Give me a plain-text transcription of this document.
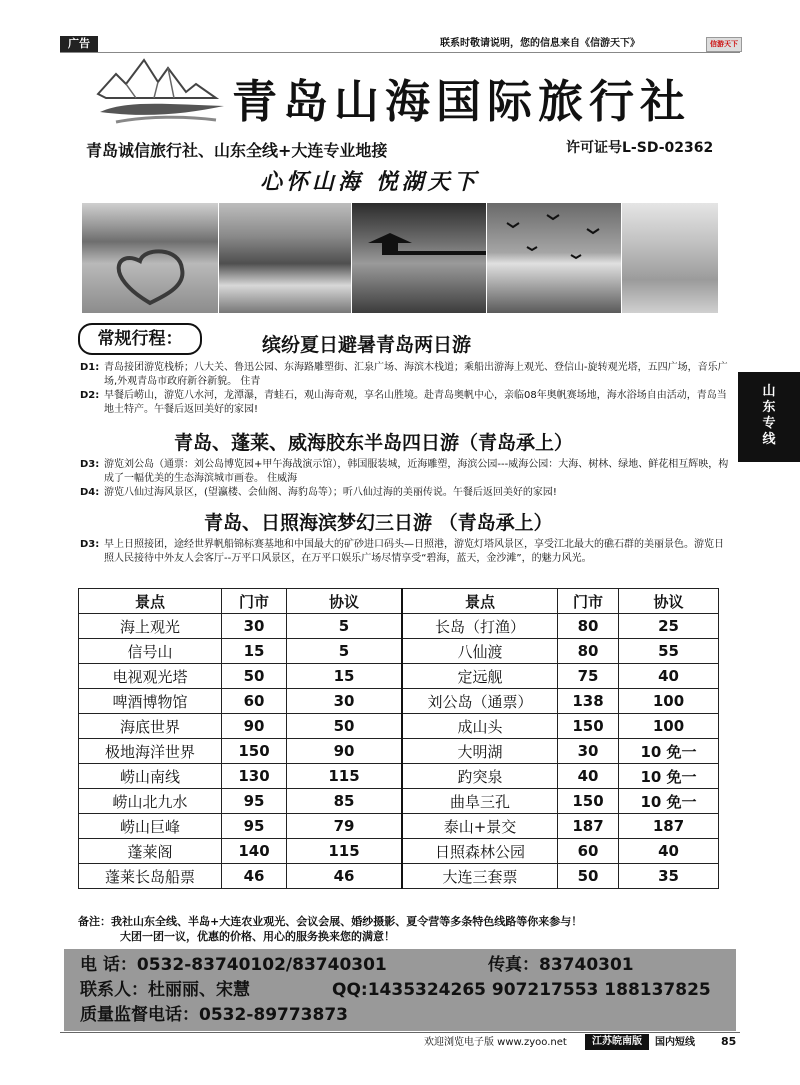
广告	联系时敬请说明，您的信息来自《信游天下》	信游天下
青岛山海国际旅行社
青岛诚信旅行社、山东全线+大连专业地接	许可证号L-SD-02362
心怀山海 悦湖天下
常规行程：	缤纷夏日避暑青岛两日游
D1: 青岛接团游览栈桥；八大关、鲁迅公园、东海路雕塑街、汇泉广场、海滨木栈道；乘船出游海上观光、登信山-旋转观光塔，五四广场，音乐广场,外观青岛市政府新谷新貌。 住青
D2: 早餐后崂山，游览八水河，龙潭瀑，青蛙石，观山海奇观，享名山胜境。赴青岛奥帆中心，亲临08年奥帆赛场地，海水浴场自由活动，青岛当地土特产。午餐后返回美好的家园!
青岛、蓬莱、威海胶东半岛四日游（青岛承上）
D3: 游览刘公岛（通票：刘公岛博览园+甲午海战演示馆），韩国服装城，近海雕塑，海滨公园---威海公园：大海、树林、绿地、鲜花相互辉映，构成了一幅优美的生态海滨城市画卷。 住威海
D4: 游览八仙过海风景区，(望瀛楼、会仙阁、海豹岛等）；听八仙过海的美丽传说。午餐后返回美好的家园!
青岛、日照海滨梦幻三日游 （青岛承上）
D3: 早上日照接团，途经世界帆船锦标赛基地和中国最大的矿砂进口码头—日照港，游览灯塔风景区，享受江北最大的礁石群的美丽景色。游览日照人民接待中外友人会客厅--万平口风景区，在万平口娱乐广场尽情享受“碧海，蓝天，金沙滩”，的魅力风光。
山东专线
景点	门市	协议	景点	门市	协议
海上观光	30	5	长岛（打渔）	80	25
信号山	15	5	八仙渡	80	55
电视观光塔	50	15	定远舰	75	40
啤酒博物馆	60	30	刘公岛（通票）	138	100
海底世界	90	50	成山头	150	100
极地海洋世界	150	90	大明湖	30	10 免一
崂山南线	130	115	趵突泉	40	10 免一
崂山北九水	95	85	曲阜三孔	150	10 免一
崂山巨峰	95	79	泰山+景交	187	187
蓬莱阁	140	115	日照森林公园	60	40
蓬莱长岛船票	46	46	大连三套票	50	35
备注：我社山东全线、半岛+大连农业观光、会议会展、婚纱摄影、夏令营等多条特色线路等你来参与！
大团一团一议，优惠的价格、用心的服务换来您的满意！
电 话：0532-83740102/83740301	传真：83740301
联系人：杜丽丽、宋慧	QQ:1435324265 907217553 188137825
质量监督电话：0532-89773873
欢迎浏览电子版 www.zyoo.net	江苏皖南版	国内短线 85
